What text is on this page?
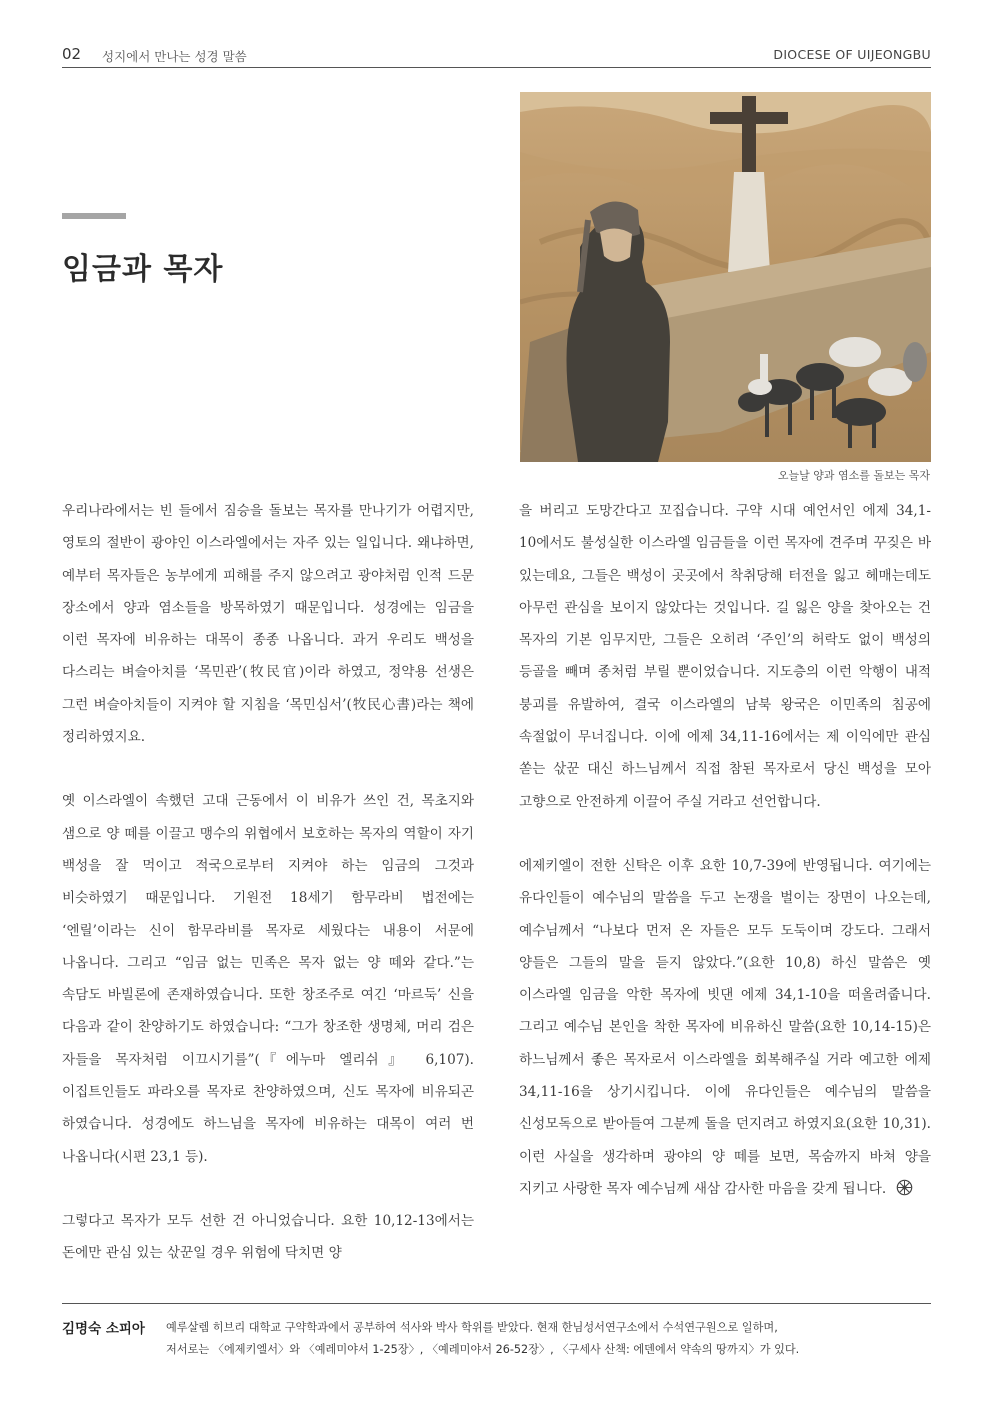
02 성지에서 만나는 성경 말씀	DIOCESE OF UIJEONGBU
임금과 목자
오늘날 양과 염소를 돌보는 목자

우리나라에서는 빈 들에서 짐승을 돌보는 목자를 만나기가 어렵지만, 영토의 절반이 광야인 이스라엘에서는 자주 있는 일입니다. 왜냐하면, 예부터 목자들은 농부에게 피해를 주지 않으려고 광야처럼 인적 드문 장소에서 양과 염소들을 방목하였기 때문입니다. 성경에는 임금을 이런 목자에 비유하는 대목이 종종 나옵니다. 과거 우리도 백성을 다스리는 벼슬아치를 ‘목민관’(牧民官)이라 하였고, 정약용 선생은 그런 벼슬아치들이 지켜야 할 지침을 ‘목민심서’(牧民心書)라는 책에 정리하였지요.

옛 이스라엘이 속했던 고대 근동에서 이 비유가 쓰인 건, 목초지와 샘으로 양 떼를 이끌고 맹수의 위협에서 보호하는 목자의 역할이 자기 백성을 잘 먹이고 적국으로부터 지켜야 하는 임금의 그것과 비슷하였기 때문입니다. 기원전 18세기 함무라비 법전에는 ‘엔릴’이라는 신이 함무라비를 목자로 세웠다는 내용이 서문에 나옵니다. 그리고 “임금 없는 민족은 목자 없는 양 떼와 같다.”는 속담도 바빌론에 존재하였습니다. 또한 창조주로 여긴 ‘마르둑’ 신을 다음과 같이 찬양하기도 하였습니다: “그가 창조한 생명체, 머리 검은 자들을 목자처럼 이끄시기를”(『에누마 엘리쉬』 6,107). 이집트인들도 파라오를 목자로 찬양하였으며, 신도 목자에 비유되곤 하였습니다. 성경에도 하느님을 목자에 비유하는 대목이 여러 번 나옵니다(시편 23,1 등).

그렇다고 목자가 모두 선한 건 아니었습니다. 요한 10,12-13에서는 돈에만 관심 있는 삯꾼일 경우 위험에 닥치면 양

을 버리고 도망간다고 꼬집습니다. 구약 시대 예언서인 에제 34,1-10에서도 불성실한 이스라엘 임금들을 이런 목자에 견주며 꾸짖은 바 있는데요, 그들은 백성이 곳곳에서 착취당해 터전을 잃고 헤매는데도 아무런 관심을 보이지 않았다는 것입니다. 길 잃은 양을 찾아오는 건 목자의 기본 임무지만, 그들은 오히려 ‘주인’의 허락도 없이 백성의 등골을 빼며 종처럼 부릴 뿐이었습니다. 지도층의 이런 악행이 내적 붕괴를 유발하여, 결국 이스라엘의 남북 왕국은 이민족의 침공에 속절없이 무너집니다. 이에 에제 34,11-16에서는 제 이익에만 관심 쏟는 삯꾼 대신 하느님께서 직접 참된 목자로서 당신 백성을 모아 고향으로 안전하게 이끌어 주실 거라고 선언합니다.

에제키엘이 전한 신탁은 이후 요한 10,7-39에 반영됩니다. 여기에는 유다인들이 예수님의 말씀을 두고 논쟁을 벌이는 장면이 나오는데, 예수님께서 “나보다 먼저 온 자들은 모두 도둑이며 강도다. 그래서 양들은 그들의 말을 듣지 않았다.”(요한 10,8) 하신 말씀은 옛 이스라엘 임금을 악한 목자에 빗댄 에제 34,1-10을 떠올려줍니다. 그리고 예수님 본인을 착한 목자에 비유하신 말씀(요한 10,14-15)은 하느님께서 좋은 목자로서 이스라엘을 회복해주실 거라 예고한 에제 34,11-16을 상기시킵니다. 이에 유다인들은 예수님의 말씀을 신성모독으로 받아들여 그분께 돌을 던지려고 하였지요(요한 10,31). 이런 사실을 생각하며 광야의 양 떼를 보면, 목숨까지 바쳐 양을 지키고 사랑한 목자 예수님께 새삼 감사한 마음을 갖게 됩니다.

김명숙 소피아 예루살렘 히브리 대학교 구약학과에서 공부하여 석사와 박사 학위를 받았다. 현재 한님성서연구소에서 수석연구원으로 일하며,
저서로는 〈에제키엘서〉와 〈예레미야서 1-25장〉, 〈예레미야서 26-52장〉, 〈구세사 산책: 에덴에서 약속의 땅까지〉가 있다.
